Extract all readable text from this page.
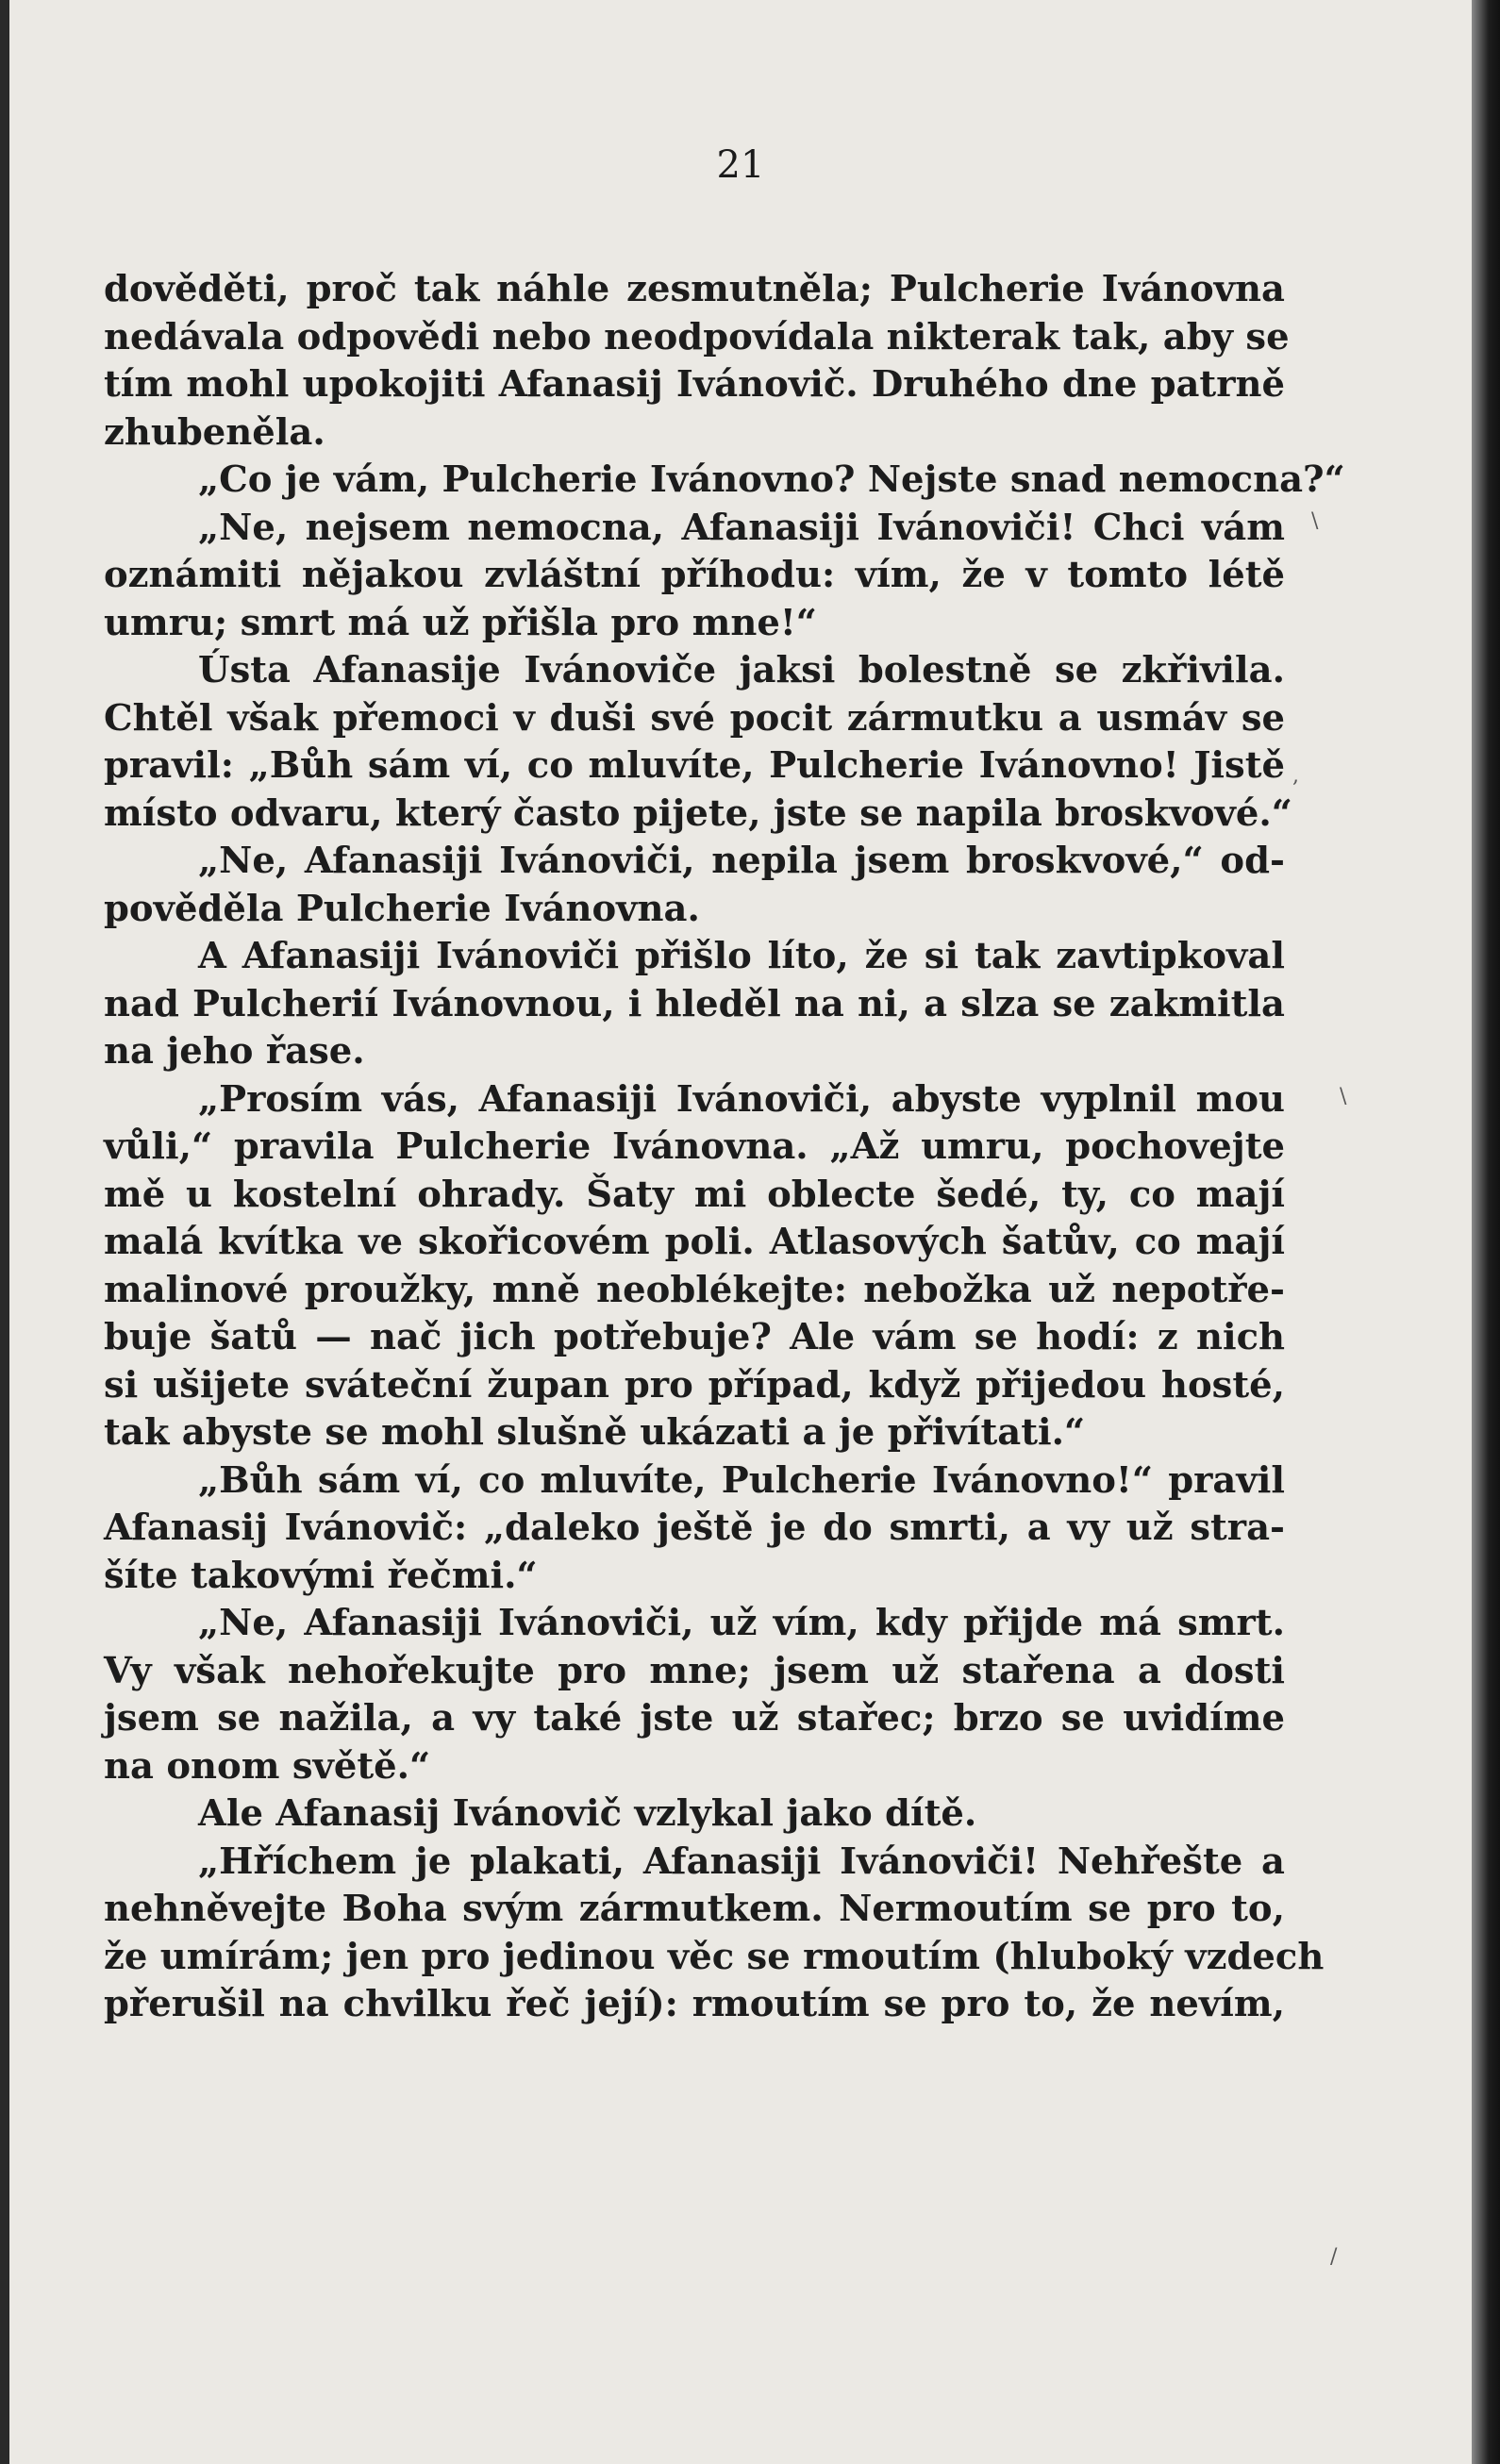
21
dověděti, proč tak náhle zesmutněla; Pulcherie Ivánovna
nedávala odpovědi nebo neodpovídala nikterak tak, aby se
tím mohl upokojiti Afanasij Ivánovič. Druhého dne patrně
zhubeněla.
„Co je vám, Pulcherie Ivánovno? Nejste snad nemocna?“
„Ne, nejsem nemocna, Afanasiji Ivánoviči! Chci vám
oznámiti nějakou zvláštní příhodu: vím, že v tomto létě
umru; smrt má už přišla pro mne!“
Ústa Afanasije Ivánoviče jaksi bolestně se zkřivila.
Chtěl však přemoci v duši své pocit zármutku a usmáv se
pravil: „Bůh sám ví, co mluvíte, Pulcherie Ivánovno! Jistě
místo odvaru, který často pijete, jste se napila broskvové.“
„Ne, Afanasiji Ivánoviči, nepila jsem broskvové,“ od-
pověděla Pulcherie Ivánovna.
A Afanasiji Ivánoviči přišlo líto, že si tak zavtipkoval
nad Pulcherií Ivánovnou, i hleděl na ni, a slza se zakmitla
na jeho řase.
„Prosím vás, Afanasiji Ivánoviči, abyste vyplnil mou
vůli,“ pravila Pulcherie Ivánovna. „Až umru, pochovejte
mě u kostelní ohrady. Šaty mi oblecte šedé, ty, co mají
malá kvítka ve skořicovém poli. Atlasových šatův, co mají
malinové proužky, mně neoblékejte: nebožka už nepotře-
buje šatů — nač jich potřebuje? Ale vám se hodí: z nich
si ušijete sváteční župan pro případ, když přijedou hosté,
tak abyste se mohl slušně ukázati a je přivítati.“
„Bůh sám ví, co mluvíte, Pulcherie Ivánovno!“ pravil
Afanasij Ivánovič: „daleko ještě je do smrti, a vy už stra-
šíte takovými řečmi.“
„Ne, Afanasiji Ivánoviči, už vím, kdy přijde má smrt.
Vy však nehořekujte pro mne; jsem už stařena a dosti
jsem se nažila, a vy také jste už stařec; brzo se uvidíme
na onom světě.“
Ale Afanasij Ivánovič vzlykal jako dítě.
„Hříchem je plakati, Afanasiji Ivánoviči! Nehřešte a
nehněvejte Boha svým zármutkem. Nermoutím se pro to,
že umírám; jen pro jedinou věc se rmoutím (hluboký vzdech
přerušil na chvilku řeč její): rmoutím se pro to, že nevím,
\
,
\
/
